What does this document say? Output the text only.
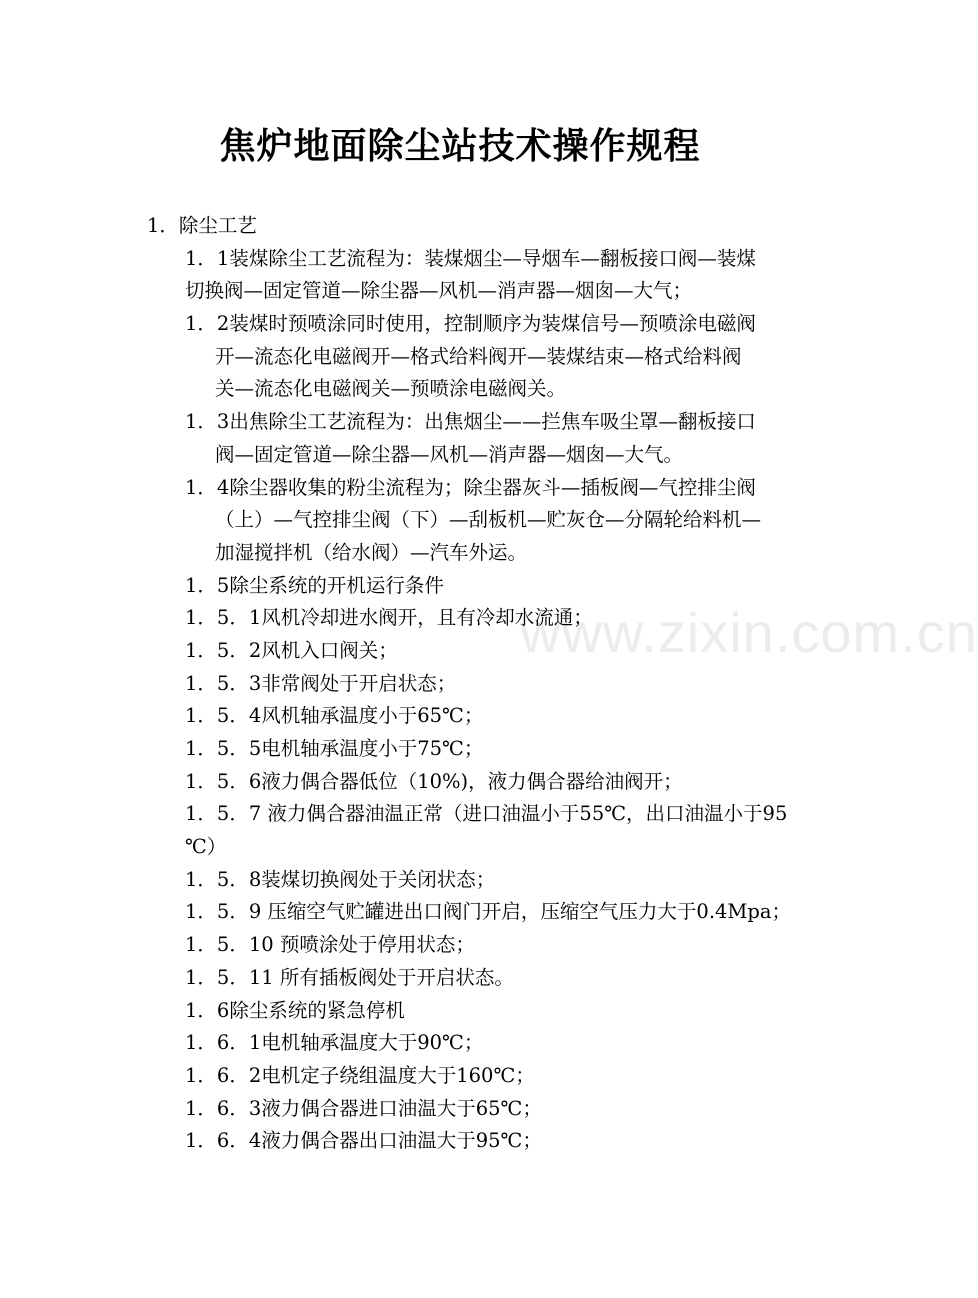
www.zixin.com.cn
焦炉地面除尘站技术操作规程

1．除尘工艺

1．1装煤除尘工艺流程为：装煤烟尘—导烟车—翻板接口阀—装煤

切换阀—固定管道—除尘器—风机—消声器—烟囱—大气；

1．2装煤时预喷涂同时使用，控制顺序为装煤信号—预喷涂电磁阀

开—流态化电磁阀开—格式给料阀开—装煤结束—格式给料阀

关—流态化电磁阀关—预喷涂电磁阀关。

1．3出焦除尘工艺流程为：出焦烟尘——拦焦车吸尘罩—翻板接口

阀—固定管道—除尘器—风机—消声器—烟囱—大气。

1．4除尘器收集的粉尘流程为；除尘器灰斗—插板阀—气控排尘阀

（上）—气控排尘阀（下）—刮板机—贮灰仓—分隔轮给料机—

加湿搅拌机（给水阀）—汽车外运。

1．5除尘系统的开机运行条件

1．5．1风机冷却进水阀开，且有冷却水流通；

1．5．2风机入口阀关；

1．5．3非常阀处于开启状态；

1．5．4风机轴承温度小于65℃；

1．5．5电机轴承温度小于75℃；

1．5．6液力偶合器低位（10%)，液力偶合器给油阀开；

1．5．7 液力偶合器油温正常（进口油温小于55℃，出口油温小于95

℃）

1．5．8装煤切换阀处于关闭状态；

1．5．9 压缩空气贮罐进出口阀门开启，压缩空气压力大于0.4Mpa；

1．5．10 预喷涂处于停用状态；

1．5．11 所有插板阀处于开启状态。

1．6除尘系统的紧急停机

1．6．1电机轴承温度大于90℃；

1．6．2电机定子绕组温度大于160℃；

1．6．3液力偶合器进口油温大于65℃；

1．6．4液力偶合器出口油温大于95℃；
